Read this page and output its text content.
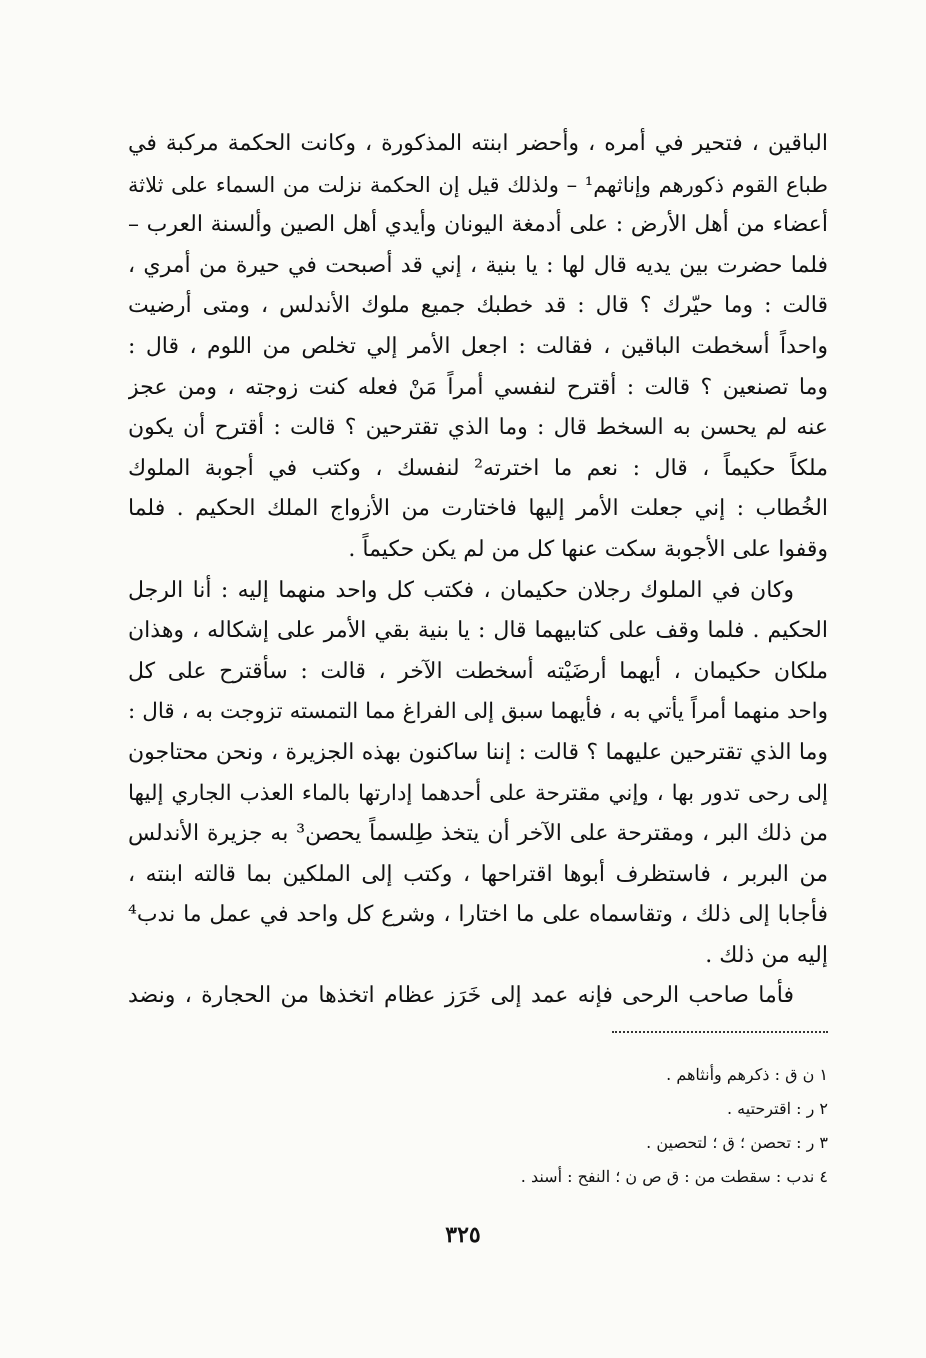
الباقين ، فتحير في أمره ، وأحضر ابنته المذكورة ، وكانت الحكمة مركبة في
طباع القوم ذكورهم وإناثهم¹ – ولذلك قيل إن الحكمة نزلت من السماء على ثلاثة
أعضاء من أهل الأرض : على أدمغة اليونان وأيدي أهل الصين وألسنة العرب –
فلما حضرت بين يديه قال لها : يا بنية ، إني قد أصبحت في حيرة من أمري ،
قالت : وما حيّرك ؟ قال : قد خطبك جميع ملوك الأندلس ، ومتى أرضيت
واحداً أسخطت الباقين ، فقالت : اجعل الأمر إلي تخلص من اللوم ، قال :
وما تصنعين ؟ قالت : أقترح لنفسي أمراً مَنْ فعله كنت زوجته ، ومن عجز
عنه لم يحسن به السخط قال : وما الذي تقترحين ؟ قالت : أقترح أن يكون
ملكاً حكيماً ، قال : نعم ما اخترته² لنفسك ، وكتب في أجوبة الملوك
الخُطاب : إني جعلت الأمر إليها فاختارت من الأزواج الملك الحكيم . فلما
وقفوا على الأجوبة سكت عنها كل من لم يكن حكيماً .
وكان في الملوك رجلان حكيمان ، فكتب كل واحد منهما إليه : أنا الرجل
الحكيم . فلما وقف على كتابيهما قال : يا بنية بقي الأمر على إشكاله ، وهذان
ملكان حكيمان ، أيهما أرضَيْته أسخطت الآخر ، قالت : سأقترح على كل
واحد منهما أمراً يأتي به ، فأيهما سبق إلى الفراغ مما التمسته تزوجت به ، قال :
وما الذي تقترحين عليهما ؟ قالت : إننا ساكنون بهذه الجزيرة ، ونحن محتاجون
إلى رحى تدور بها ، وإني مقترحة على أحدهما إدارتها بالماء العذب الجاري إليها
من ذلك البر ، ومقترحة على الآخر أن يتخذ طِلسماً يحصن³ به جزيرة الأندلس
من البربر ، فاستظرف أبوها اقتراحها ، وكتب إلى الملكين بما قالته ابنته ،
فأجابا إلى ذلك ، وتقاسماه على ما اختارا ، وشرع كل واحد في عمل ما ندب⁴
إليه من ذلك .
فأما صاحب الرحى فإنه عمد إلى خَرَز عظام اتخذها من الحجارة ، ونضد
١ ن ق : ذكرهم وأنثاهم .
٢ ر : اقترحتيه .
٣ ر : تحصن ؛ ق ؛ لتحصين .
٤ ندب : سقطت من : ق ص ن ؛ النفح : أسند .
٣٢٥
